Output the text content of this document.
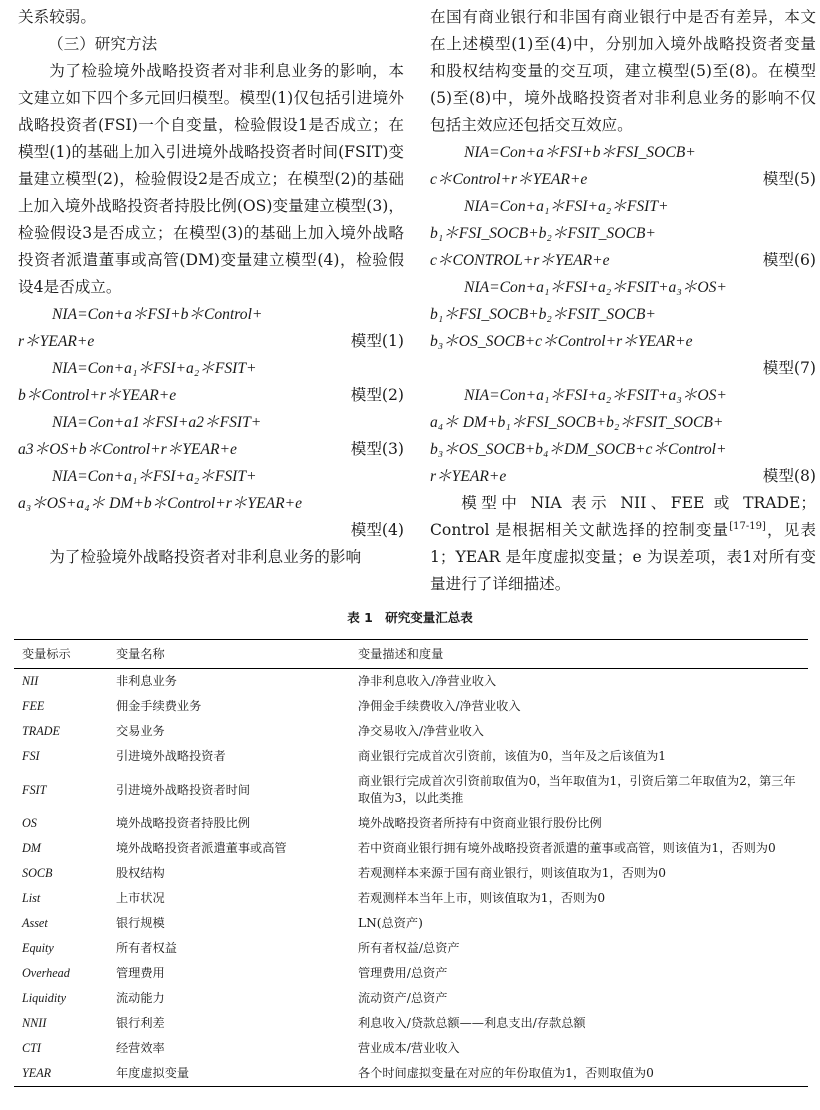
关系较弱。

（三）研究方法

为了检验境外战略投资者对非利息业务的影响，本文建立如下四个多元回归模型。模型(1)仅包括引进境外战略投资者(FSI)一个自变量，检验假设1是否成立；在模型(1)的基础上加入引进境外战略投资者时间(FSIT)变量建立模型(2)，检验假设2是否成立；在模型(2)的基础上加入境外战略投资者持股比例(OS)变量建立模型(3)，检验假设3是否成立；在模型(3)的基础上加入境外战略投资者派遣董事或高管(DM)变量建立模型(4)，检验假设4是否成立。

NIA=Con+a＊FSI+b＊Control+
r＊YEAR+e	模型(1)
NIA=Con+a₁＊FSI+a₂＊FSIT+
b＊Control+r＊YEAR+e	模型(2)
NIA=Con+a1＊FSI+a2＊FSIT+
a3＊OS+b＊Control+r＊YEAR+e	模型(3)
NIA=Con+a₁＊FSI+a₂＊FSIT+
a₃＊OS+a₄＊ DM+b＊Control+r＊YEAR+e
模型(4)

为了检验境外战略投资者对非利息业务的影响

在国有商业银行和非国有商业银行中是否有差异，本文在上述模型(1)至(4)中，分别加入境外战略投资者变量和股权结构变量的交互项，建立模型(5)至(8)。在模型(5)至(8)中，境外战略投资者对非利息业务的影响不仅包括主效应还包括交互效应。

NIA=Con+a＊FSI+b＊FSI_SOCB+
c＊Control+r＊YEAR+e	模型(5)
NIA=Con+a₁＊FSI+a₂＊FSIT+
b₁＊FSI_SOCB+b₂＊FSIT_SOCB+
c＊CONTROL+r＊YEAR+e	模型(6)
NIA=Con+a₁＊FSI+a₂＊FSIT+a₃＊OS+
b₁＊FSI_SOCB+b₂＊FSIT_SOCB+
b₃＊OS_SOCB+c＊Control+r＊YEAR+e
模型(7)
NIA=Con+a₁＊FSI+a₂＊FSIT+a₃＊OS+
a₄＊ DM+b₁＊FSI_SOCB+b₂＊FSIT_SOCB+
b₃＊OS_SOCB+b₄＊DM_SOCB+c＊Control+
r＊YEAR+e	模型(8)

模型中 NIA 表示 NII、FEE 或 TRADE；Control 是根据相关文献选择的控制变量[17-19]，见表1；YEAR 是年度虚拟变量；e 为误差项，表1对所有变量进行了详细描述。

表 1　研究变量汇总表
变量标示	变量名称	变量描述和度量
NII	非利息业务	净非利息收入/净营业收入
FEE	佣金手续费业务	净佣金手续费收入/净营业收入
TRADE	交易业务	净交易收入/净营业收入
FSI	引进境外战略投资者	商业银行完成首次引资前，该值为0，当年及之后该值为1
FSIT	引进境外战略投资者时间	商业银行完成首次引资前取值为0，当年取值为1，引资后第二年取值为2，第三年取值为3，以此类推
OS	境外战略投资者持股比例	境外战略投资者所持有中资商业银行股份比例
DM	境外战略投资者派遣董事或高管	若中资商业银行拥有境外战略投资者派遣的董事或高管，则该值为1，否则为0
SOCB	股权结构	若观测样本来源于国有商业银行，则该值取为1，否则为0
List	上市状况	若观测样本当年上市，则该值取为1，否则为0
Asset	银行规模	LN(总资产)
Equity	所有者权益	所有者权益/总资产
Overhead	管理费用	管理费用/总资产
Liquidity	流动能力	流动资产/总资产
NNII	银行利差	利息收入/贷款总额——利息支出/存款总额
CTI	经营效率	营业成本/营业收入
YEAR	年度虚拟变量	各个时间虚拟变量在对应的年份取值为1，否则取值为0
